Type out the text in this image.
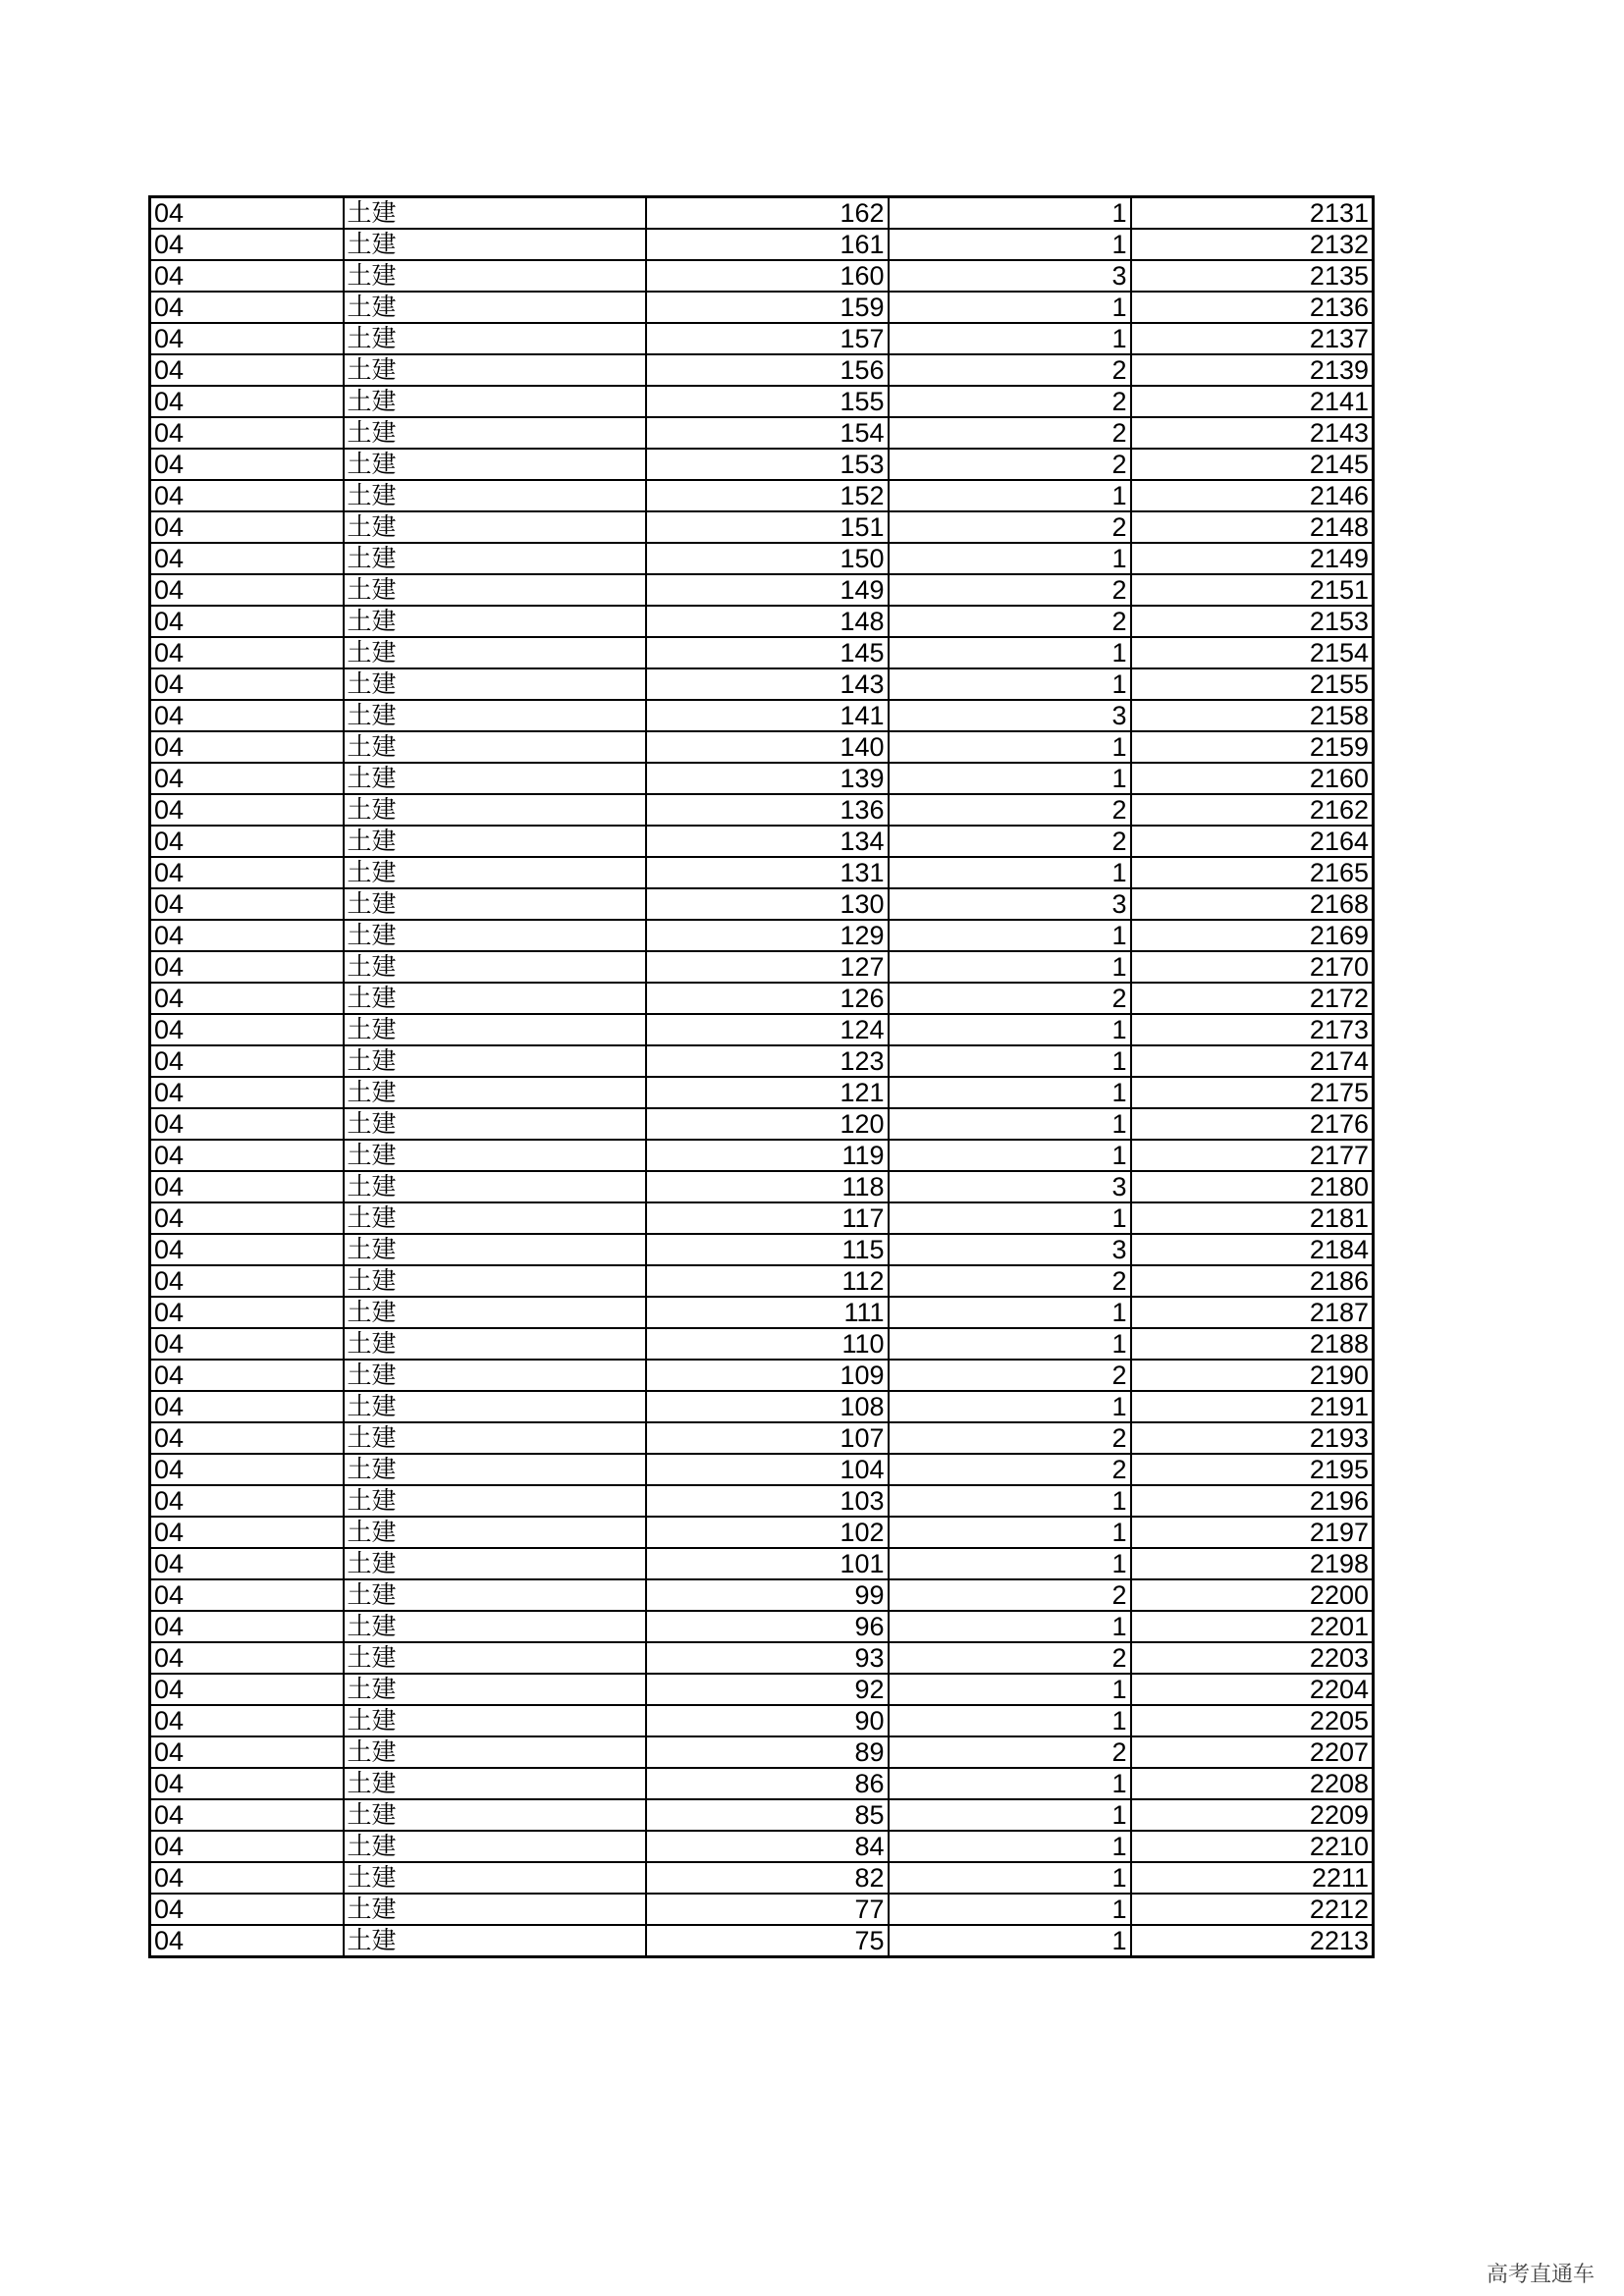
04	土建	162	1	2131
04	土建	161	1	2132
04	土建	160	3	2135
04	土建	159	1	2136
04	土建	157	1	2137
04	土建	156	2	2139
04	土建	155	2	2141
04	土建	154	2	2143
04	土建	153	2	2145
04	土建	152	1	2146
04	土建	151	2	2148
04	土建	150	1	2149
04	土建	149	2	2151
04	土建	148	2	2153
04	土建	145	1	2154
04	土建	143	1	2155
04	土建	141	3	2158
04	土建	140	1	2159
04	土建	139	1	2160
04	土建	136	2	2162
04	土建	134	2	2164
04	土建	131	1	2165
04	土建	130	3	2168
04	土建	129	1	2169
04	土建	127	1	2170
04	土建	126	2	2172
04	土建	124	1	2173
04	土建	123	1	2174
04	土建	121	1	2175
04	土建	120	1	2176
04	土建	119	1	2177
04	土建	118	3	2180
04	土建	117	1	2181
04	土建	115	3	2184
04	土建	112	2	2186
04	土建	111	1	2187
04	土建	110	1	2188
04	土建	109	2	2190
04	土建	108	1	2191
04	土建	107	2	2193
04	土建	104	2	2195
04	土建	103	1	2196
04	土建	102	1	2197
04	土建	101	1	2198
04	土建	99	2	2200
04	土建	96	1	2201
04	土建	93	2	2203
04	土建	92	1	2204
04	土建	90	1	2205
04	土建	89	2	2207
04	土建	86	1	2208
04	土建	85	1	2209
04	土建	84	1	2210
04	土建	82	1	2211
04	土建	77	1	2212
04	土建	75	1	2213
高考直通车
